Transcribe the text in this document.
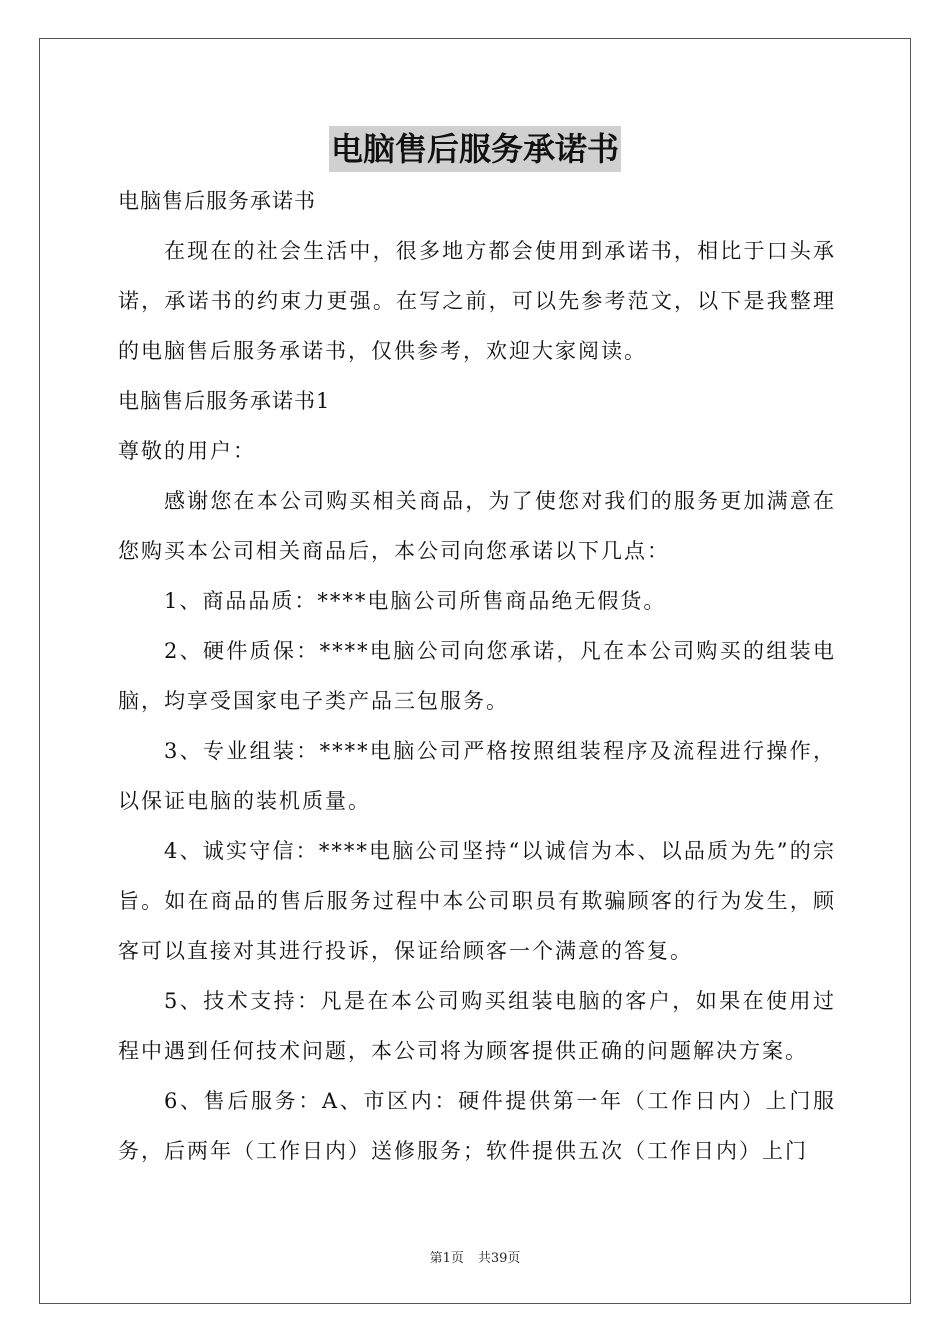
电脑售后服务承诺书

电脑售后服务承诺书

在现在的社会生活中，很多地方都会使用到承诺书，相比于口头承诺，承诺书的约束力更强。在写之前，可以先参考范文，以下是我整理的电脑售后服务承诺书，仅供参考，欢迎大家阅读。

电脑售后服务承诺书1

尊敬的用户：

感谢您在本公司购买相关商品，为了使您对我们的服务更加满意在您购买本公司相关商品后，本公司向您承诺以下几点：

1、商品品质：****电脑公司所售商品绝无假货。

2、硬件质保：****电脑公司向您承诺，凡在本公司购买的组装电脑，均享受国家电子类产品三包服务。

3、专业组装：****电脑公司严格按照组装程序及流程进行操作，以保证电脑的装机质量。

4、诚实守信：****电脑公司坚持“以诚信为本、以品质为先”的宗旨。如在商品的售后服务过程中本公司职员有欺骗顾客的行为发生，顾客可以直接对其进行投诉，保证给顾客一个满意的答复。

5、技术支持：凡是在本公司购买组装电脑的客户，如果在使用过程中遇到任何技术问题，本公司将为顾客提供正确的问题解决方案。

6、售后服务：A、市区内：硬件提供第一年（工作日内）上门服务，后两年（工作日内）送修服务；软件提供五次（工作日内）上门

第1页 共39页
